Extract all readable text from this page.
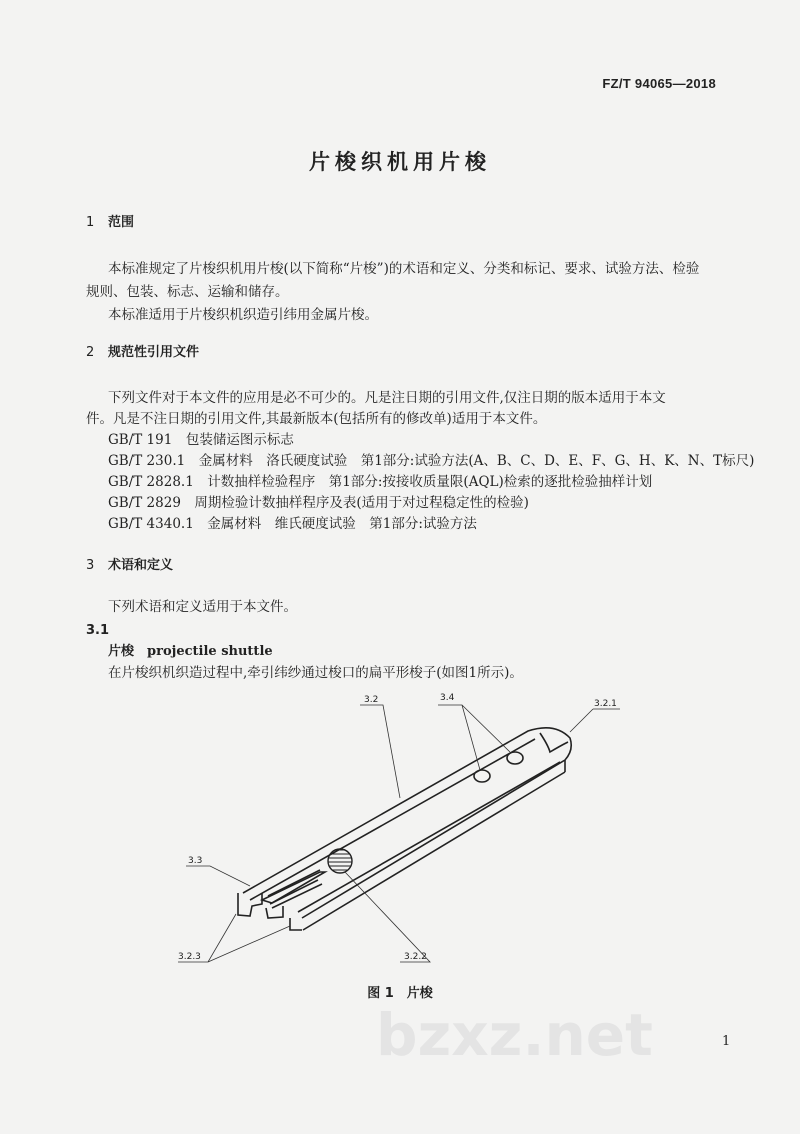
FZ/T 94065—2018
片梭织机用片梭
1 范围
本标准规定了片梭织机用片梭(以下简称“片梭”)的术语和定义、分类和标记、要求、试验方法、检验
规则、包装、标志、运输和储存。
本标准适用于片梭织机织造引纬用金属片梭。
2 规范性引用文件
下列文件对于本文件的应用是必不可少的。凡是注日期的引用文件,仅注日期的版本适用于本文
件。凡是不注日期的引用文件,其最新版本(包括所有的修改单)适用于本文件。
GB/T 191　 包装储运图示标志
GB/T 230.1　 金属材料　洛氏硬度试验　第1部分:试验方法(A、B、C、D、E、F、G、H、K、N、T标尺)
GB/T 2828.1　 计数抽样检验程序　第1部分:按接收质量限(AQL)检索的逐批检验抽样计划
GB/T 2829　 周期检验计数抽样程序及表(适用于对过程稳定性的检验)
GB/T 4340.1　 金属材料　维氏硬度试验　第1部分:试验方法
3 术语和定义
下列术语和定义适用于本文件。
3.1
片梭　 projectile shuttle
在片梭织机织造过程中,牵引纬纱通过梭口的扁平形梭子(如图1所示)。
3.2	3.4
3.2.1
3.3
3.2.3	3.2.2
图 1　片梭
bzxz.net	1
